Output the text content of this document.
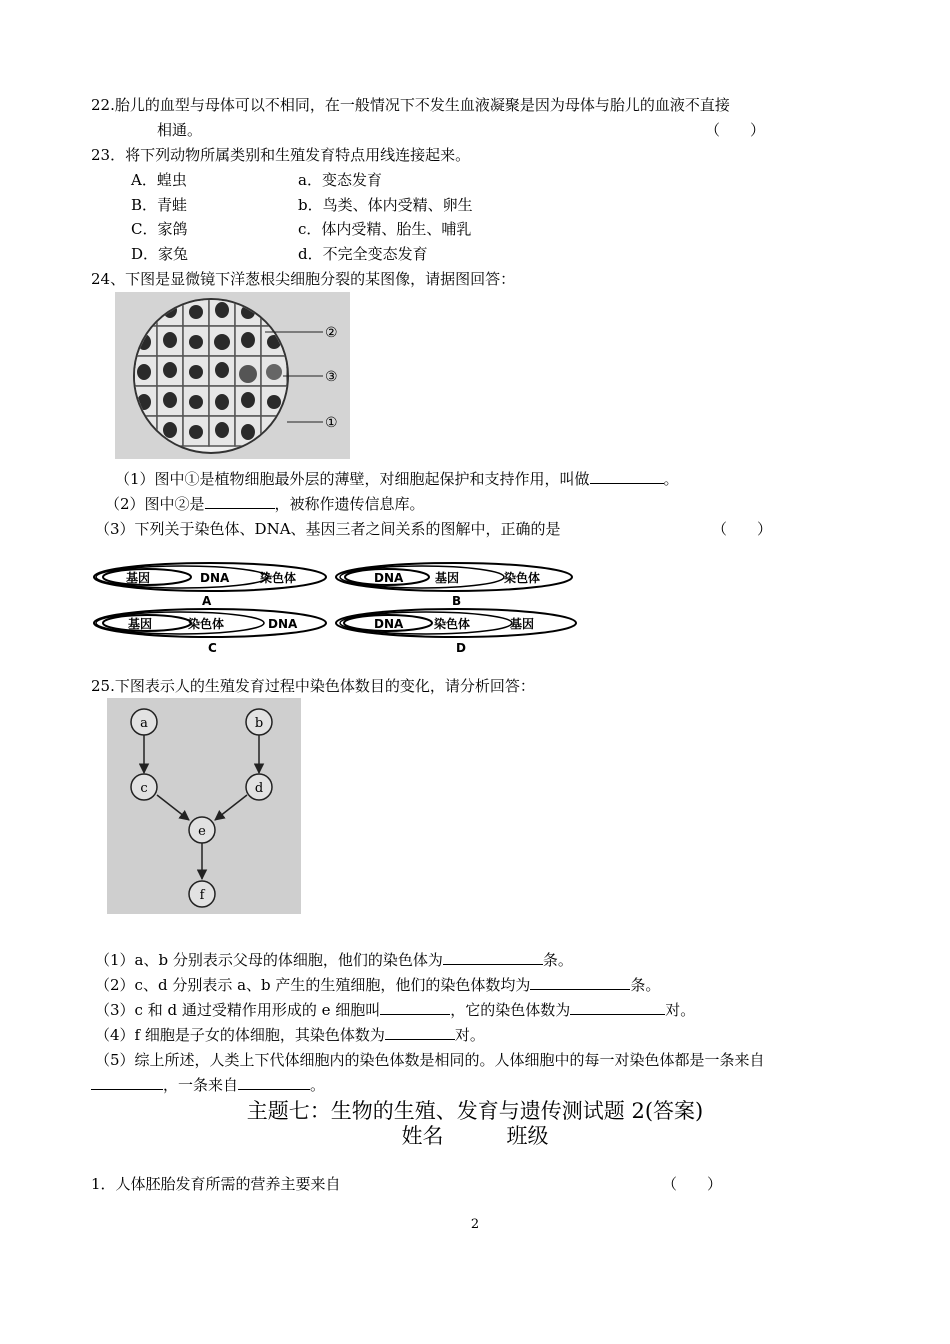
22.胎儿的血型与母体可以不相同，在一般情况下不发生血液凝聚是因为母体与胎儿的血液不直接
相通。	（　　）
23．将下列动物所属类别和生殖发育特点用线连接起来。
A．蝗虫
B．青蛙
C．家鸽
D．家兔
a．变态发育
b．鸟类、体内受精、卵生
c．体内受精、胎生、哺乳
d．不完全变态发育
24、下图是显微镜下洋葱根尖细胞分裂的某图像，请据图回答：
②
③
①
（1）图中①是植物细胞最外层的薄壁，对细胞起保护和支持作用，叫做	。
（2）图中②是	，被称作遗传信息库。
（3）下列关于染色体、DNA、基因三者之间关系的图解中，正确的是	（　　）
基因	DNA	染色体
A
DNA	基因	染色体
B
基因	染色体	DNA
C
DNA	染色体	基因
D
25.下图表示人的生殖发育过程中染色体数目的变化，请分析回答：
a	b
c	d
e
f
（1）a、b 分别表示父母的体细胞，他们的染色体为	条。
（2）c、d 分别表示 a、b 产生的生殖细胞，他们的染色体数均为	条。
（3）c 和 d 通过受精作用形成的 e 细胞叫	，它的染色体数为	对。
（4）f 细胞是子女的体细胞，其染色体数为	对。
（5）综上所述，人类上下代体细胞内的染色体数是相同的。人体细胞中的每一对染色体都是一条来自
，一条来自	。
主题七：生物的生殖、发育与遗传测试题 2(答案)
姓名　　　班级
1．人体胚胎发育所需的营养主要来自	（　　）
2
